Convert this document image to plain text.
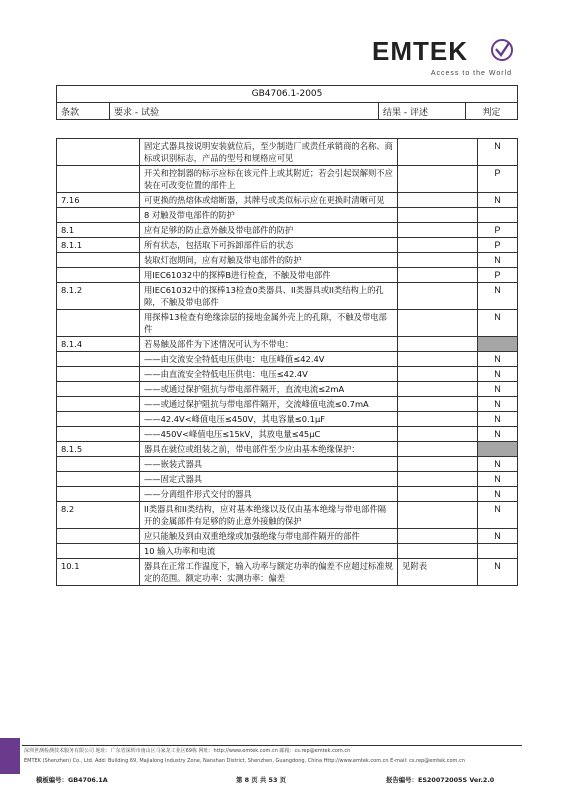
EMTEK
Access to the World
GB4706.1-2005
条款	要求 - 试验	结果 - 评述	判定
	固定式器具按说明安装就位后，至少制造厂或责任承销商的名称、商标或识别标志，产品的型号和规格应可见		N
	开关和控制器的标示应标在该元件上或其附近；若会引起误解则不应装在可改变位置的部件上		P
7.16	可更换的热熔体或熔断器，其牌号或类似标示应在更换时清晰可见		N
	8 对触及带电部件的防护		
8.1	应有足够的防止意外触及带电部件的防护		P
8.1.1	所有状态，包括取下可拆卸部件后的状态		P
	装取灯泡期间，应有对触及带电部件的防护		N
	用IEC61032中的探棒B进行检查，不触及带电部件		P
8.1.2	用IEC61032中的探棒13检查0类器具、II类器具或II类结构上的孔隙，不触及带电部件		N
	用探棒13检查有绝缘涂层的接地金属外壳上的孔隙，不触及带电部件		N
8.1.4	若易触及部件为下述情况可认为不带电：		
	——由交流安全特低电压供电：电压峰值≤42.4V		N
	——由直流安全特低电压供电：电压≤42.4V		N
	——或通过保护阻抗与带电部件隔开，直流电流≤2mA		N
	——或通过保护阻抗与带电部件隔开，交流峰值电流≤0.7mA		N
	——42.4V<峰值电压≤450V，其电容量≤0.1μF		N
	——450V<峰值电压≤15kV，其放电量≤45μC		N
8.1.5	器具在就位或组装之前，带电部件至少应由基本绝缘保护：		
	——嵌装式器具		N
	——固定式器具		N
	——分离组件形式交付的器具		N
8.2	II类器具和II类结构，应对基本绝缘以及仅由基本绝缘与带电部件隔开的金属部件有足够的防止意外接触的保护		N
	应只能触及到由双重绝缘或加强绝缘与带电部件隔开的部件		N
	10 输入功率和电流		
10.1	器具在正常工作温度下，输入功率与额定功率的偏差不应超过标准规定的范围。额定功率：实测功率：偏差	见附表	N
深圳世测检测技术服务有限公司 地址：广东省深圳市南山区马家龙工业区69栋 网址：http://www.emtek.com.cn 邮箱：cs.rep@emtek.com.cn
EMTEK (Shenzhen) Co., Ltd. Add: Building 69, Majialong Industry Zone, Nanshan District, Shenzhen, Guangdong, China Http://www.emtek.com.cn E-mail: cs.rep@emtek.com.cn
模板编号：GB4706.1A	第 8 页 共 53 页	报告编号：ES20072005S Ver.2.0
